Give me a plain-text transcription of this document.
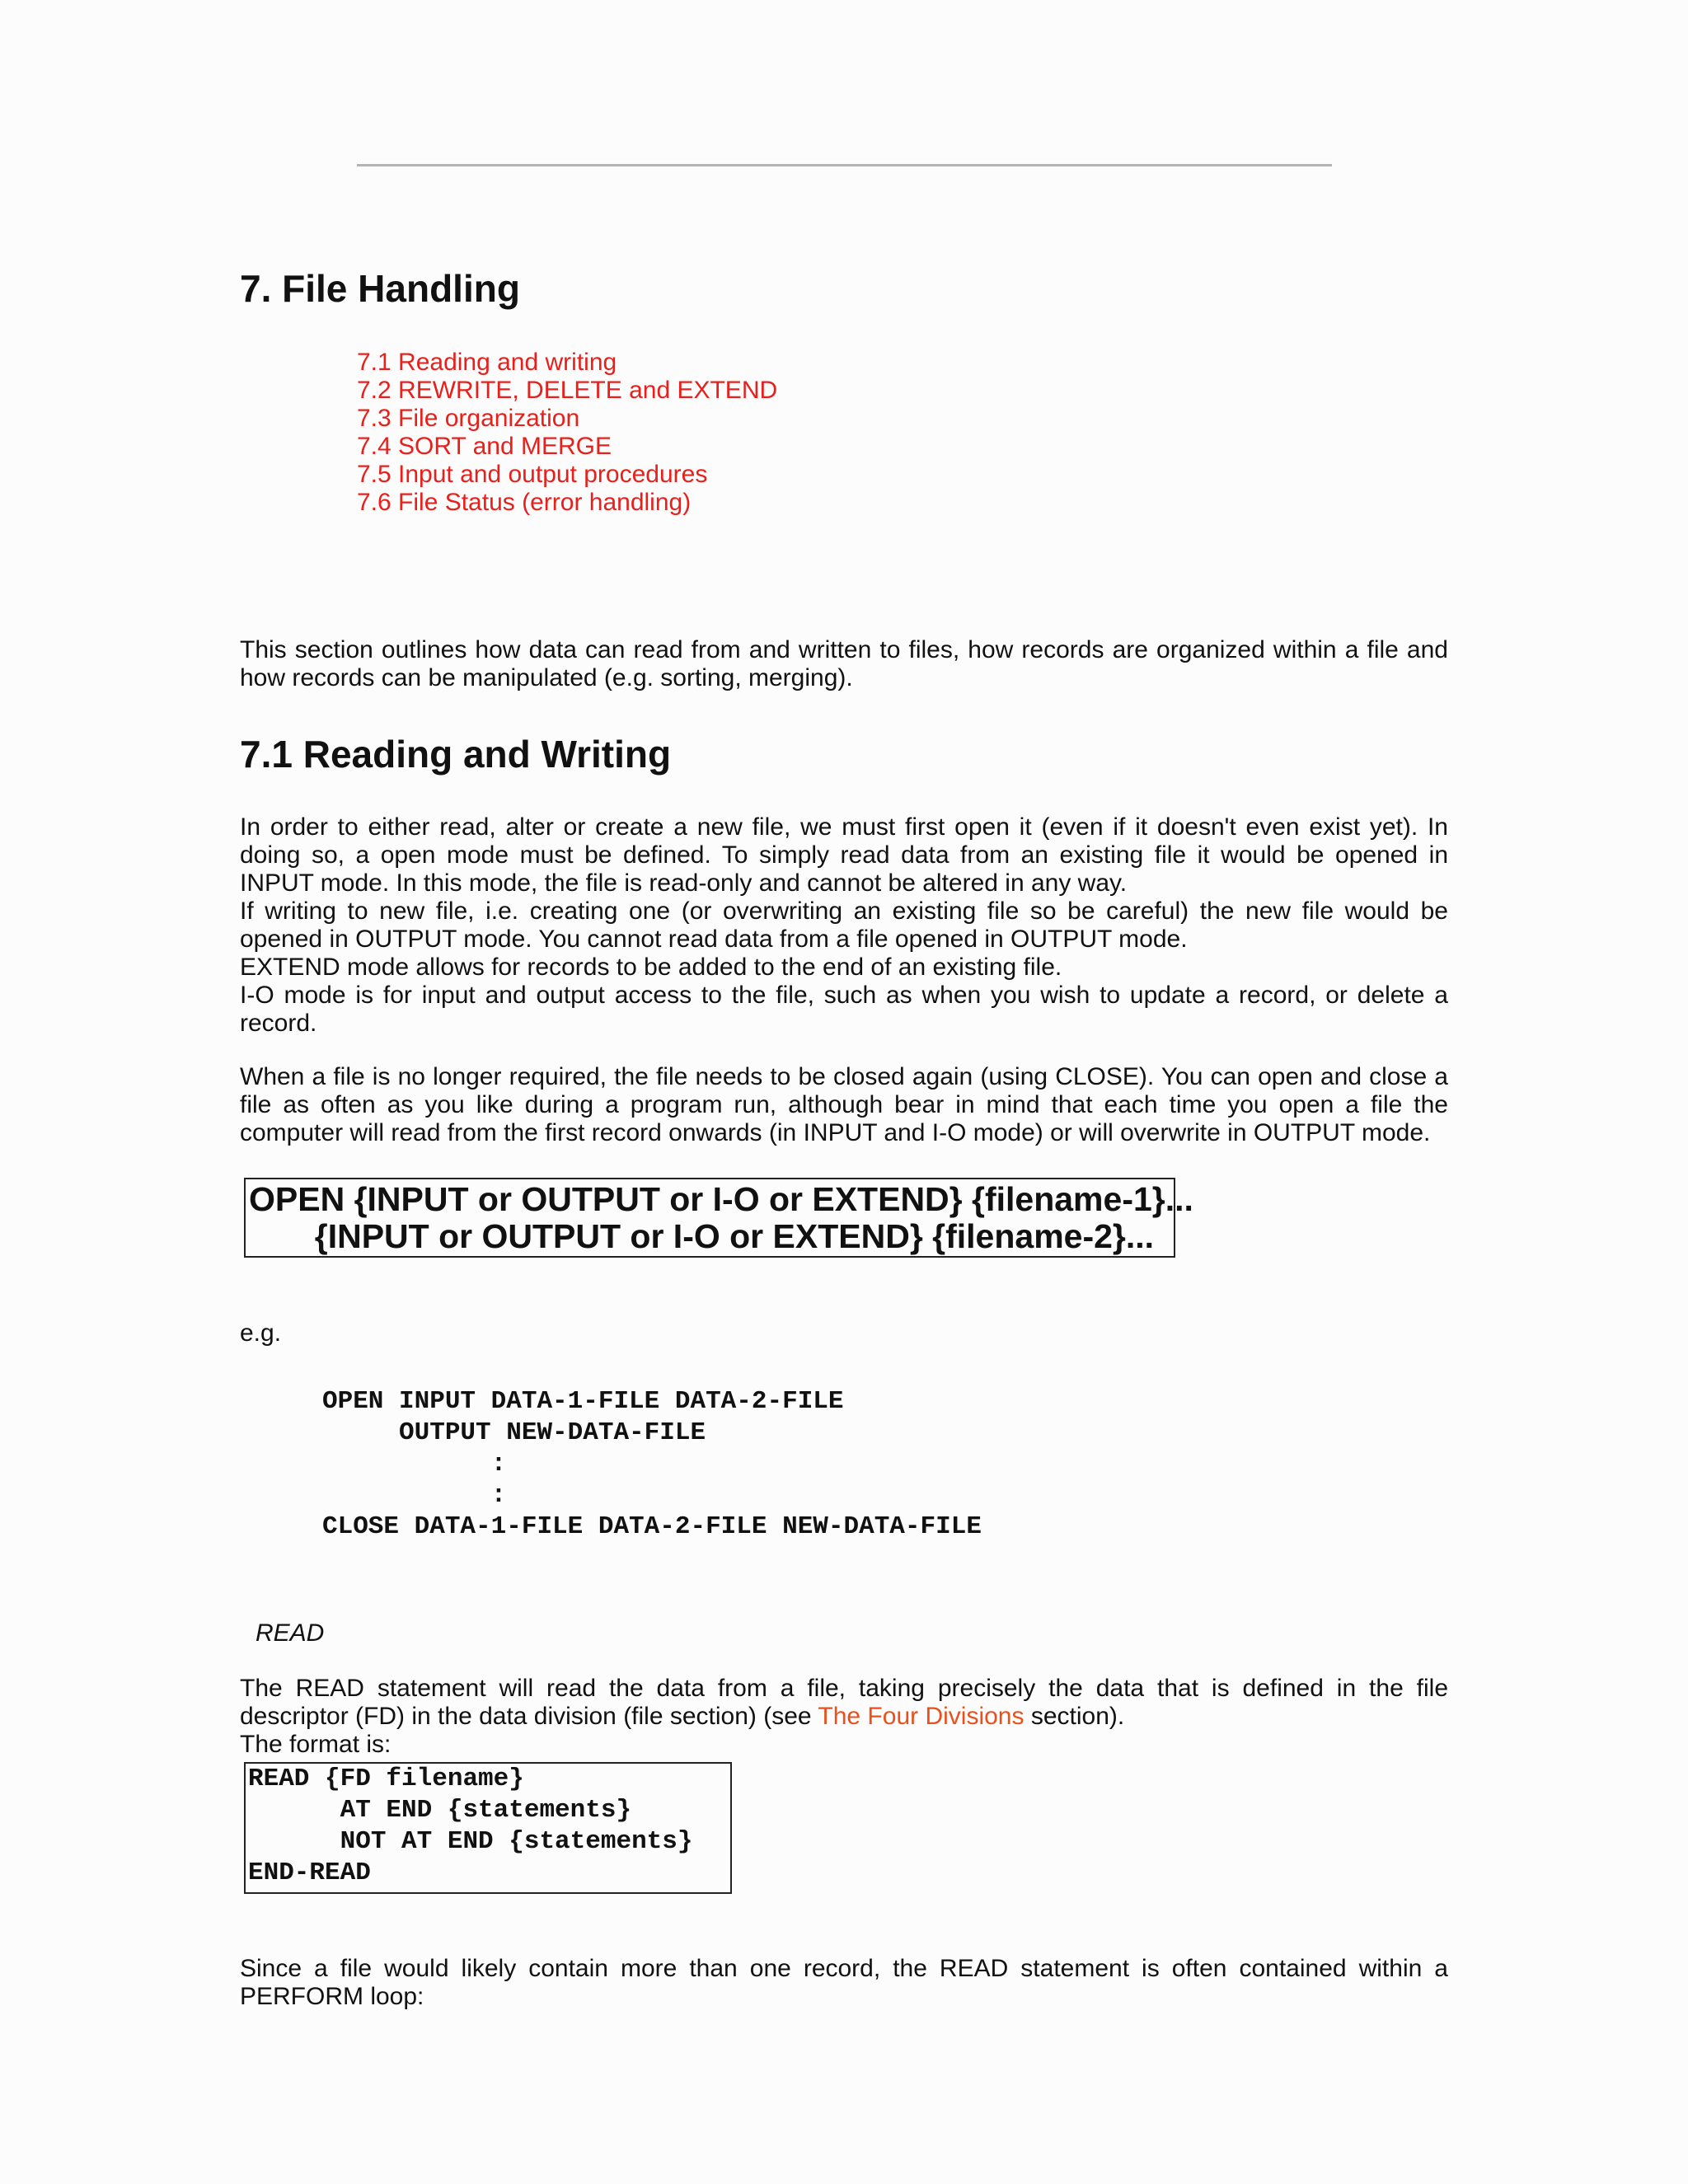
7. File Handling
7.1 Reading and writing
7.2 REWRITE, DELETE and EXTEND
7.3 File organization
7.4 SORT and MERGE
7.5 Input and output procedures
7.6 File Status (error handling)

This section outlines how data can read from and written to files, how records are organized within a file and
how records can be manipulated (e.g. sorting, merging).

7.1 Reading and Writing

In order to either read, alter or create a new file, we must first open it (even if it doesn't even exist yet). In
doing so, a open mode must be defined. To simply read data from an existing file it would be opened in
INPUT mode. In this mode, the file is read-only and cannot be altered in any way.
If writing to new file, i.e. creating one (or overwriting an existing file so be careful) the new file would be
opened in OUTPUT mode. You cannot read data from a file opened in OUTPUT mode.
EXTEND mode allows for records to be added to the end of an existing file.
I-O mode is for input and output access to the file, such as when you wish to update a record, or delete a
record.

When a file is no longer required, the file needs to be closed again (using CLOSE). You can open and close a
file as often as you like during a program run, although bear in mind that each time you open a file the
computer will read from the first record onwards (in INPUT and I-O mode) or will overwrite in OUTPUT mode.

OPEN {INPUT or OUTPUT or I-O or EXTEND} {filename-1}...
{INPUT or OUTPUT or I-O or EXTEND} {filename-2}...
e.g.
OPEN INPUT DATA-1-FILE DATA-2-FILE
OUTPUT NEW-DATA-FILE
:
:
CLOSE DATA-1-FILE DATA-2-FILE NEW-DATA-FILE
READ

The READ statement will read the data from a file, taking precisely the data that is defined in the file
descriptor (FD) in the data division (file section) (see The Four Divisions section).
The format is:

READ {FD filename}
AT END {statements}
NOT AT END {statements}
END-READ

Since a file would likely contain more than one record, the READ statement is often contained within a
PERFORM loop:
